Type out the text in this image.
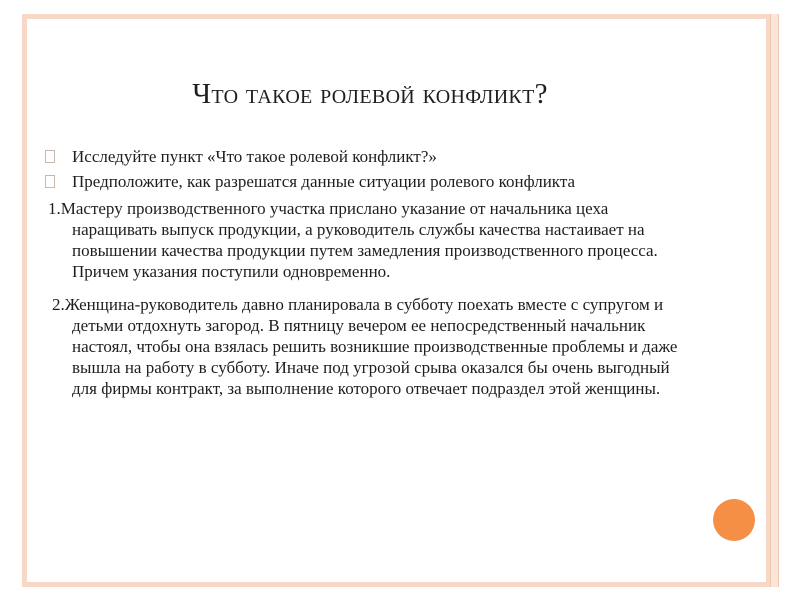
Что такое ролевой конфликт?
Исследуйте пункт «Что такое ролевой конфликт?»
Предположите, как разрешатся данные ситуации ролевого конфликта
1.Мастеру производственного участка прислано указание от начальника цеха наращивать выпуск продукции, а руководитель службы качества настаивает на повышении качества продукции путем замедления производственного процесса. Причем указания поступили одновременно.
2.Женщина-руководитель давно планировала в субботу поехать вместе с супругом и детьми отдохнуть загород. В пятницу вечером ее непосредственный начальник настоял, чтобы она взялась решить возникшие производственные проблемы и даже вышла на работу в субботу. Иначе под угрозой срыва оказался бы очень выгодный для фирмы контракт, за выполнение которого отвечает подраздел этой женщины.
